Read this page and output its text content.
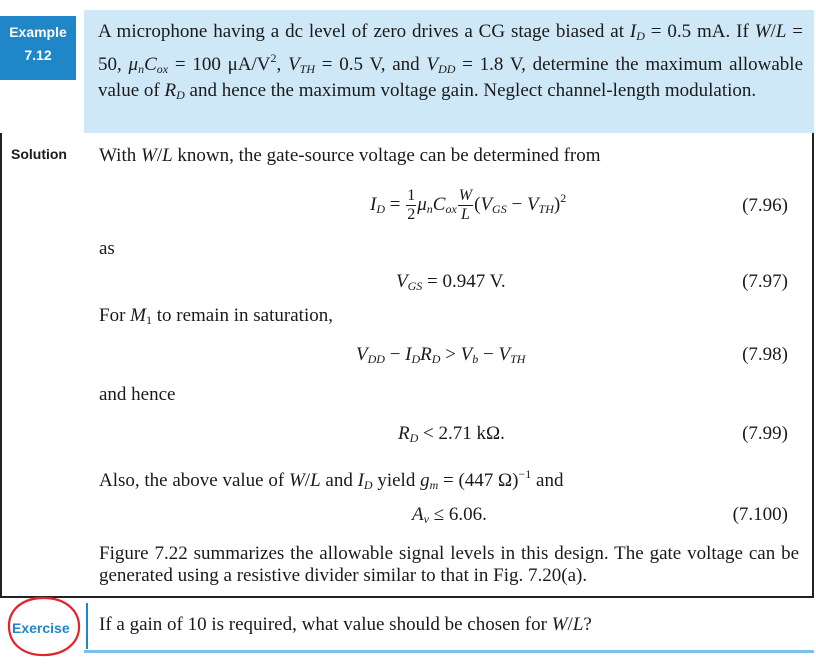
Example
7.12

A microphone having a dc level of zero drives a CG stage biased at $I_D = 0.5$ mA. If W/L = 50, $\mu_nC_{ox} = 100$ $\mu A/V^2$, $V_{TH} = 0.5$ V, and $V_{DD} = 1.8$ V, determine the maximum allowable value of $R_D$ and hence the maximum voltage gain. Neglect channel-length modulation.

Solution With W/L known, the gate-source voltage can be determined from

$I_D = \frac{1}{2} \mu_nC_{ox} \frac{W}{L} (V_{GS} - V_{TH})^2$	(7.96)

as

$V_{GS} = 0.947$ V.	(7.97)

For $M_1$ to remain in saturation,

$V_{DD} - I_DR_D > V_b - V_{TH}$	(7.98)

and hence

$R_D < 2.71$ kΩ.	(7.99)

Also, the above value of W/L and $I_D$ yield $g_m = (447$ Ω)$^{-1}$ and

$A_v \le 6.06$.	(7.100)

Figure 7.22 summarizes the allowable signal levels in this design. The gate voltage can be generated using a resistive divider similar to that in Fig. 7.20(a).

Exercise If a gain of 10 is required, what value should be chosen for W/L?
